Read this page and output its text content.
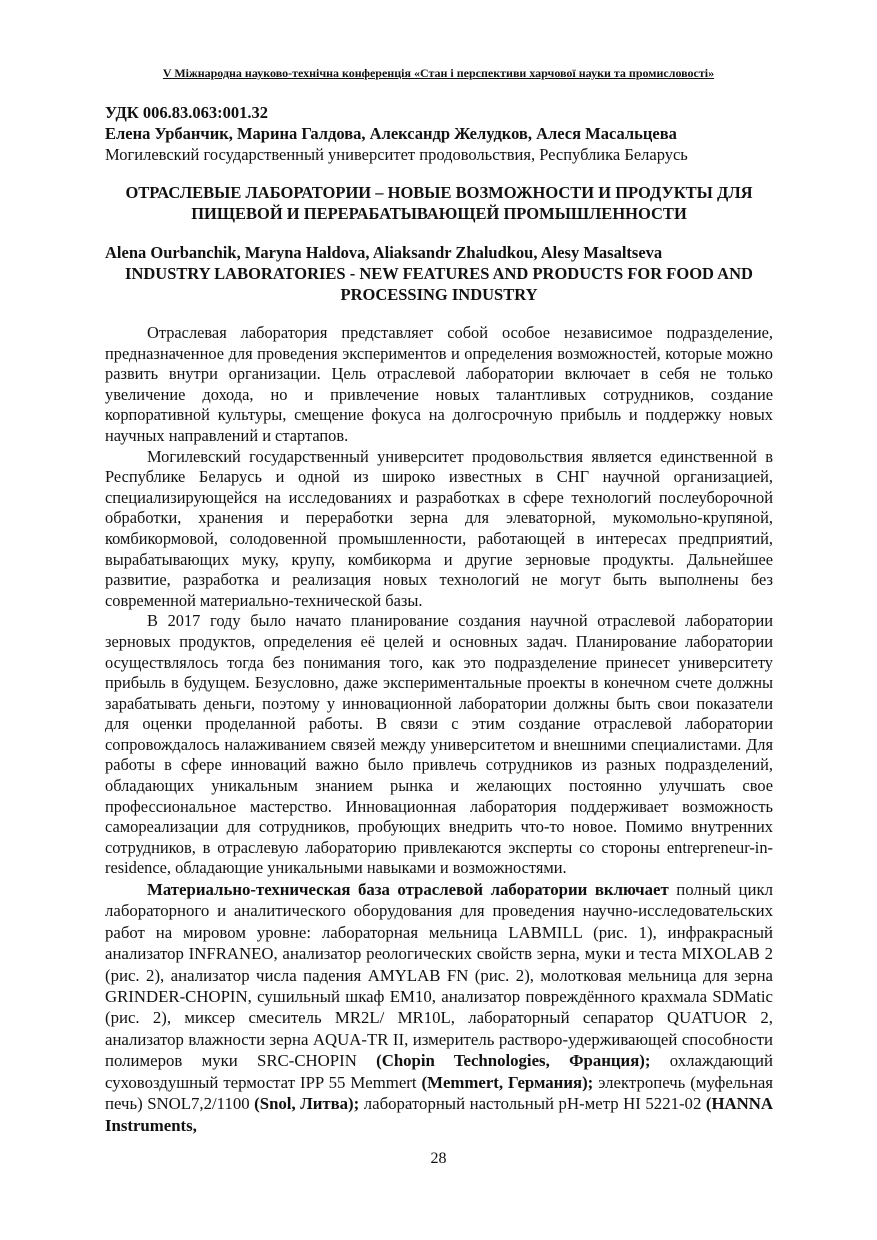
V Міжнародна науково-технічна конференція «Стан і перспективи харчової науки та промисловості»
УДК 006.83.063:001.32
Елена Урбанчик, Марина Галдова, Александр Желудков, Алеся Масальцева
Могилевский государственный университет продовольствия, Республика Беларусь
ОТРАСЛЕВЫЕ ЛАБОРАТОРИИ – НОВЫЕ ВОЗМОЖНОСТИ И ПРОДУКТЫ ДЛЯ ПИЩЕВОЙ И ПЕРЕРАБАТЫВАЮЩЕЙ ПРОМЫШЛЕННОСТИ
Alena Ourbanchik, Maryna Haldova, Aliaksandr Zhaludkou, Alesy Masaltseva
INDUSTRY LABORATORIES - NEW FEATURES AND PRODUCTS FOR FOOD AND PROCESSING INDUSTRY

Отраслевая лаборатория представляет собой особое независимое подразделение, предназначенное для проведения экспериментов и определения возможностей, которые можно развить внутри организации. Цель отраслевой лаборатории включает в себя не только увеличение дохода, но и привлечение новых талантливых сотрудников, создание корпоративной культуры, смещение фокуса на долгосрочную прибыль и поддержку новых научных направлений и стартапов.

Могилевский государственный университет продовольствия является единственной в Республике Беларусь и одной из широко известных в СНГ научной организацией, специализирующейся на исследованиях и разработках в сфере технологий послеуборочной обработки, хранения и переработки зерна для элеваторной, мукомольно-крупяной, комбикормовой, солодовенной промышленности, работающей в интересах предприятий, вырабатывающих муку, крупу, комбикорма и другие зерновые продукты. Дальнейшее развитие, разработка и реализация новых технологий не могут быть выполнены без современной материально-технической базы.

В 2017 году было начато планирование создания научной отраслевой лаборатории зерновых продуктов, определения её целей и основных задач. Планирование лаборатории осуществлялось тогда без понимания того, как это подразделение принесет университету прибыль в будущем. Безусловно, даже экспериментальные проекты в конечном счете должны зарабатывать деньги, поэтому у инновационной лаборатории должны быть свои показатели для оценки проделанной работы. В связи с этим создание отраслевой лаборатории сопровождалось налаживанием связей между университетом и внешними специалистами. Для работы в сфере инноваций важно было привлечь сотрудников из разных подразделений, обладающих уникальным знанием рынка и желающих постоянно улучшать свое профессиональное мастерство. Инновационная лаборатория поддерживает возможность самореализации для сотрудников, пробующих внедрить что-то новое. Помимо внутренних сотрудников, в отраслевую лабораторию привлекаются эксперты со стороны entrepreneur-in-residence, обладающие уникальными навыками и возможностями.

Материально-техническая база отраслевой лаборатории включает полный цикл лабораторного и аналитического оборудования для проведения научно-исследовательских работ на мировом уровне: лабораторная мельница LABMILL (рис. 1), инфракрасный анализатор INFRANEO, анализатор реологических свойств зерна, муки и теста MIXOLAB 2 (рис. 2), анализатор числа падения AMYLAB FN (рис. 2), молотковая мельница для зерна GRINDER-CHOPIN, сушильный шкаф EM10, анализатор повреждённого крахмала SDMatic (рис. 2), миксер смеситель MR2L/ MR10L, лабораторный сепаратор QUATUOR 2, анализатор влажности зерна AQUA-TR II, измеритель растворо-удерживающей способности полимеров муки SRC-CHOPIN (Chopin Technologies, Франция); охлаждающий суховоздушный термостат IPP 55 Memmert (Memmert, Германия); электропечь (муфельная печь) SNOL7,2/1100 (Snol, Литва); лабораторный настольный рН-метр HI 5221-02 (HANNA Instruments,

28
